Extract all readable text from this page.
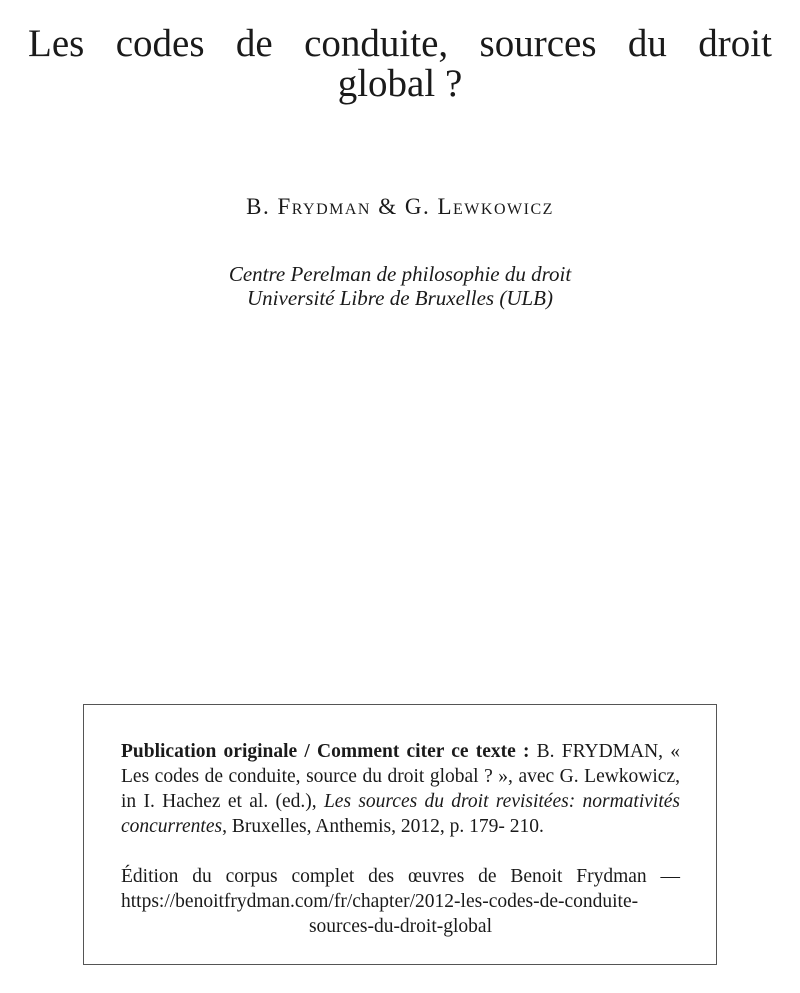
Les codes de conduite, sources du droit
global ?
B. Frydman & G. Lewkowicz
Centre Perelman de philosophie du droit
Université Libre de Bruxelles (ULB)

Publication originale / Comment citer ce texte : B. FRYDMAN, « Les codes de conduite, source du droit global ? », avec G. Lewkowicz, in I. Hachez et al. (ed.), Les sources du droit revisitées: normativités concurrentes, Bruxelles, Anthemis, 2012, p. 179- 210.

Édition du corpus complet des œuvres de Benoit Frydman — https://benoitfrydman.com/fr/chapter/2012-les-codes-de-conduite-sources-du-droit-global
